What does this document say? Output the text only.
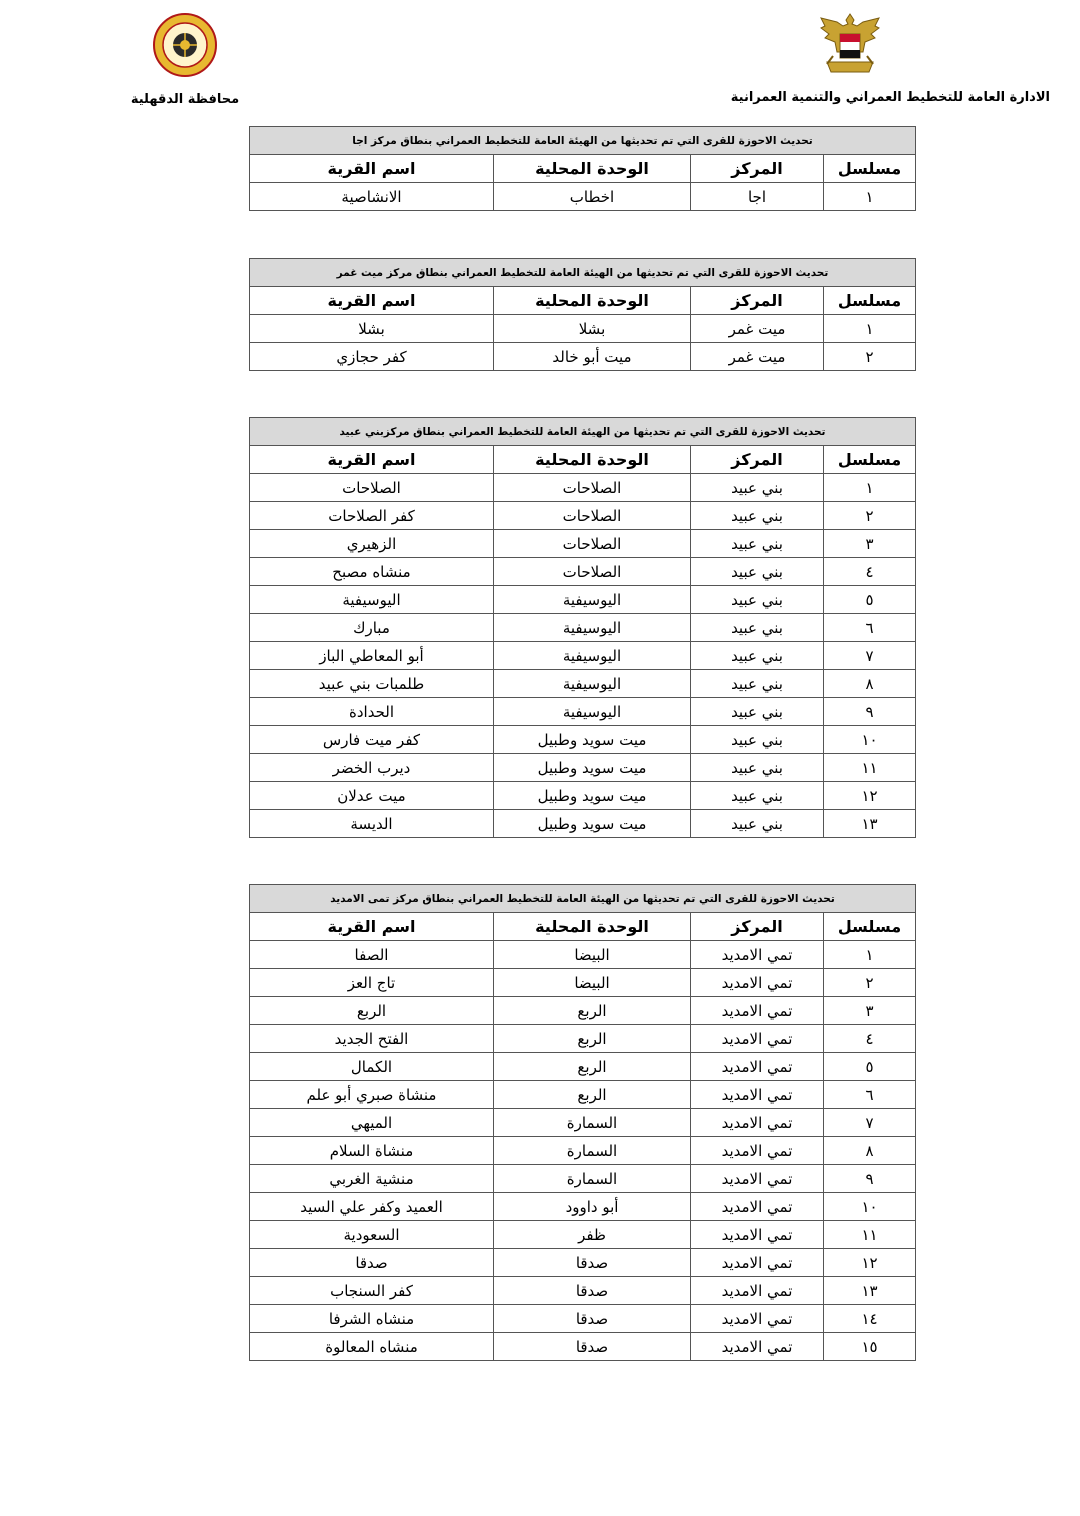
الادارة العامة للتخطيط العمراني والتنمية العمرانية
محافظة الدقهلية
تحديث الاحوزة للقرى التي تم تحديثها من الهيئة العامة للتخطيط العمراني بنطاق مركز اجا			
مسلسل	المركز	الوحدة المحلية	اسم القرية
١	اجا	اخطاب	الانشاصية
تحديث الاحوزة للقرى التي تم تحديثها من الهيئة العامة للتخطيط العمراني بنطاق مركز ميت غمر			
مسلسل	المركز	الوحدة المحلية	اسم القرية
١	ميت غمر	بشلا	بشلا
٢	ميت غمر	ميت أبو خالد	كفر حجازي
تحديث الاحوزة للقرى التي تم تحديثها من الهيئة العامة للتخطيط العمراني بنطاق مركزبني عبيد			
مسلسل	المركز	الوحدة المحلية	اسم القرية
١	بني عبيد	الصلاحات	الصلاحات
٢	بني عبيد	الصلاحات	كفر الصلاحات
٣	بني عبيد	الصلاحات	الزهيري
٤	بني عبيد	الصلاحات	منشاه مصبح
٥	بني عبيد	اليوسيفية	اليوسيفية
٦	بني عبيد	اليوسيفية	مبارك
٧	بني عبيد	اليوسيفية	أبو المعاطي الباز
٨	بني عبيد	اليوسيفية	طلمبات بني عبيد
٩	بني عبيد	اليوسيفية	الحدادة
١٠	بني عبيد	ميت سويد وطبيل	كفر ميت فارس
١١	بني عبيد	ميت سويد وطبيل	ديرب الخضر
١٢	بني عبيد	ميت سويد وطبيل	ميت عدلان
١٣	بني عبيد	ميت سويد وطبيل	الديسة
تحديث الاحوزة للقرى التي تم تحديثها من الهيئة العامة للتخطيط العمراني بنطاق مركز تمى الامديد			
مسلسل	المركز	الوحدة المحلية	اسم القرية
١	تمي الامديد	البيضا	الصفا
٢	تمي الامديد	البيضا	تاج العز
٣	تمي الامديد	الربع	الربع
٤	تمي الامديد	الربع	الفتح الجديد
٥	تمي الامديد	الربع	الكمال
٦	تمي الامديد	الربع	منشاة صبري أبو علم
٧	تمي الامديد	السمارة	الميهي
٨	تمي الامديد	السمارة	منشاة السلام
٩	تمي الامديد	السمارة	منشية الغربي
١٠	تمي الامديد	أبو داوود	العميد وكفر علي السيد
١١	تمي الامديد	ظفر	السعودية
١٢	تمي الامديد	صدقا	صدقا
١٣	تمي الامديد	صدقا	كفر السنجاب
١٤	تمي الامديد	صدقا	منشاه الشرفا
١٥	تمي الامديد	صدقا	منشاه المعالوة
